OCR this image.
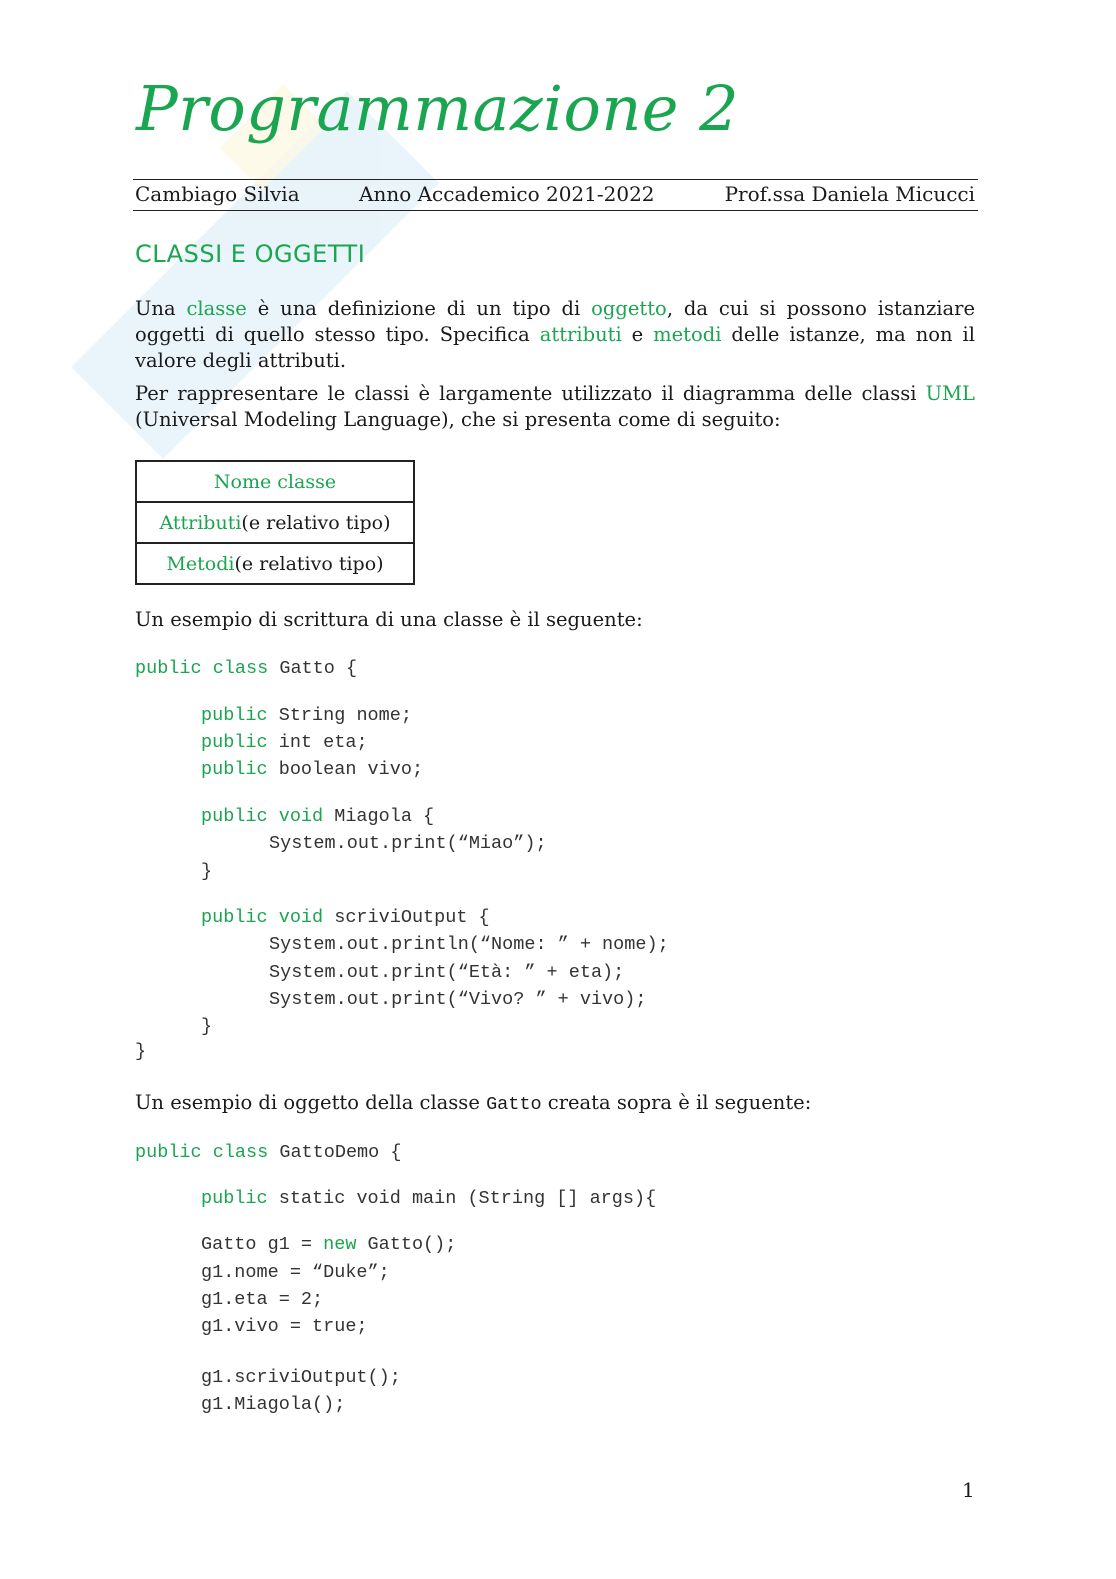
Programmazione 2
Cambiago Silvia	Anno Accademico 2021-2022	Prof.ssa Daniela Micucci
CLASSI E OGGETTI
Una classe è una definizione di un tipo di oggetto, da cui si possono istanziare oggetti di quello stesso tipo. Specifica attributi e metodi delle istanze, ma non il valore degli attributi.
Per rappresentare le classi è largamente utilizzato il diagramma delle classi UML (Universal Modeling Language), che si presenta come di seguito:
Nome classe
Attributi (e relativo tipo)
Metodi (e relativo tipo)
Un esempio di scrittura di una classe è il seguente:

public class Gatto {

public String nome;

public int eta;

public boolean vivo;

public void Miagola {

System.out.print(“Miao”);

}

public void scriviOutput {

System.out.println(“Nome: ” + nome);

System.out.print(“Età: ” + eta);

System.out.print(“Vivo? ” + vivo);

}

}

Un esempio di oggetto della classe Gatto creata sopra è il seguente:

public class GattoDemo {

public static void main (String [] args){

Gatto g1 = new Gatto();

g1.nome = “Duke”;

g1.eta = 2;

g1.vivo = true;

g1.scriviOutput();

g1.Miagola();

1
